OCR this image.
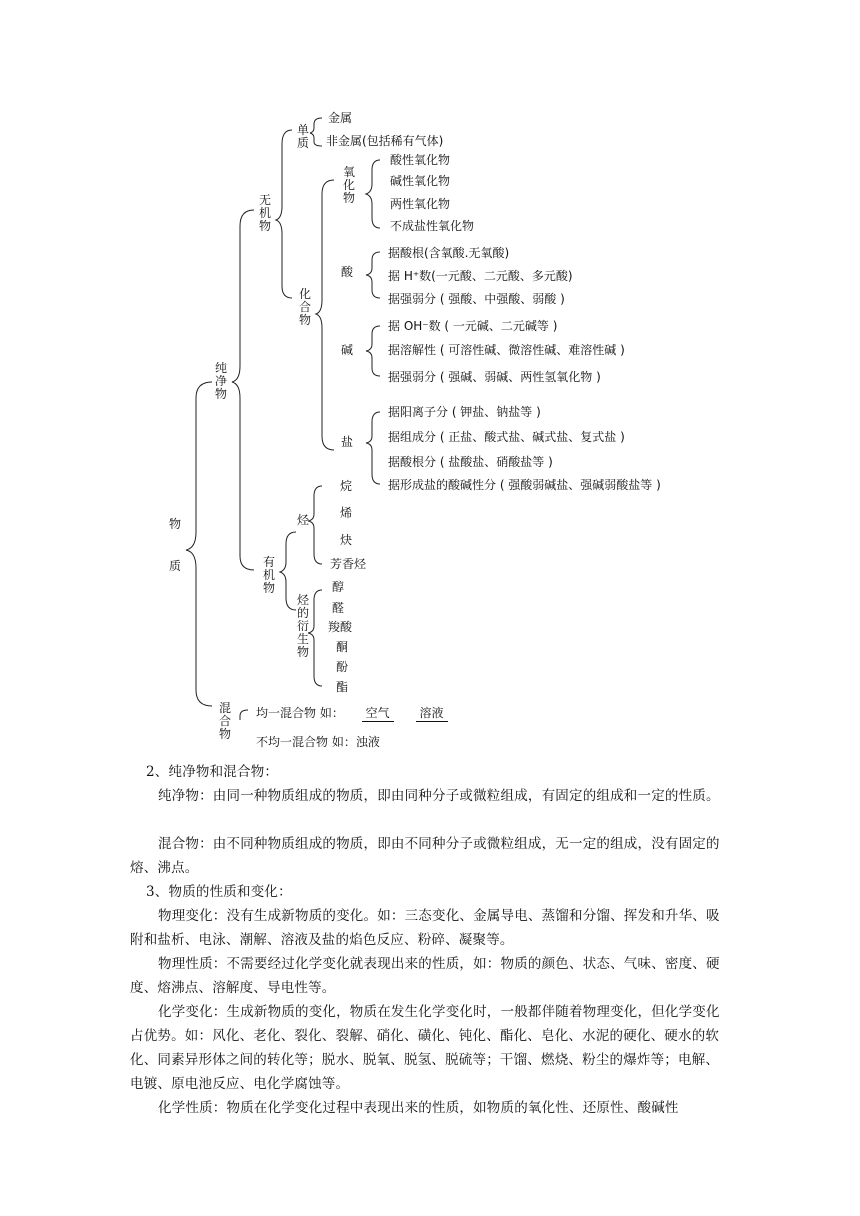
物
质
纯净物
无机物
单质
金属
非金属(包括稀有气体)
化合物
氧化物
酸性氧化物
碱性氧化物
两性氧化物
不成盐性氧化物
酸
据酸根(含氧酸.无氧酸)
据 H⁺数(一元酸、二元酸、多元酸)
据强弱分 ( 强酸、中强酸、弱酸 )
碱
据 OH⁻数 ( 一元碱、二元碱等 )
据溶解性 ( 可溶性碱、微溶性碱、难溶性碱 )
据强弱分 ( 强碱、弱碱、两性氢氧化物 )
盐
据阳离子分 ( 钾盐、钠盐等 )
据组成分 ( 正盐、酸式盐、碱式盐、复式盐 )
据酸根分 ( 盐酸盐、硝酸盐等 )
据形成盐的酸碱性分 ( 强酸弱碱盐、强碱弱酸盐等 )
有机物
烃
烷
烯
炔
芳香烃
烃的衍生物
醇
醛
羧酸
酮
酚
酯
混合物
均一混合物 如： 空气 溶液
不均一混合物 如：浊液
2、纯净物和混合物：
纯净物：由同一种物质组成的物质，即由同种分子或微粒组成，有固定的组成和一定的性质。
混合物：由不同种物质组成的物质，即由不同种分子或微粒组成，无一定的组成，没有固定的熔、沸点。
3、物质的性质和变化：
物理变化：没有生成新物质的变化。如：三态变化、金属导电、蒸馏和分馏、挥发和升华、吸附和盐析、电泳、潮解、溶液及盐的焰色反应、粉碎、凝聚等。
物理性质：不需要经过化学变化就表现出来的性质，如：物质的颜色、状态、气味、密度、硬度、熔沸点、溶解度、导电性等。
化学变化：生成新物质的变化，物质在发生化学变化时，一般都伴随着物理变化，但化学变化占优势。如：风化、老化、裂化、裂解、硝化、磺化、钝化、酯化、皂化、水泥的硬化、硬水的软化、同素异形体之间的转化等；脱水、脱氧、脱氢、脱硫等；干馏、燃烧、粉尘的爆炸等；电解、电镀、原电池反应、电化学腐蚀等。
化学性质：物质在化学变化过程中表现出来的性质，如物质的氧化性、还原性、酸碱性
